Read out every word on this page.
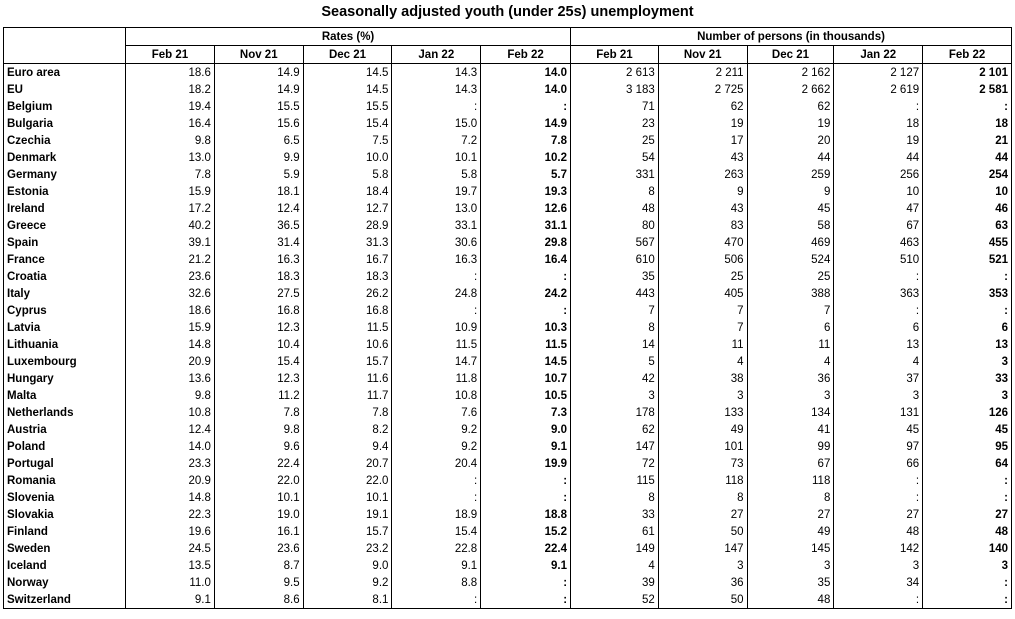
Seasonally adjusted youth (under 25s) unemployment
	Rates (%)					Number of persons (in thousands)				
	Feb 21	Nov 21	Dec 21	Jan 22	Feb 22	Feb 21	Nov 21	Dec 21	Jan 22	Feb 22
Euro area	18.6	14.9	14.5	14.3	14.0	2 613	2 211	2 162	2 127	2 101
EU	18.2	14.9	14.5	14.3	14.0	3 183	2 725	2 662	2 619	2 581
Belgium	19.4	15.5	15.5	:	:	71	62	62	:	:
Bulgaria	16.4	15.6	15.4	15.0	14.9	23	19	19	18	18
Czechia	9.8	6.5	7.5	7.2	7.8	25	17	20	19	21
Denmark	13.0	9.9	10.0	10.1	10.2	54	43	44	44	44
Germany	7.8	5.9	5.8	5.8	5.7	331	263	259	256	254
Estonia	15.9	18.1	18.4	19.7	19.3	8	9	9	10	10
Ireland	17.2	12.4	12.7	13.0	12.6	48	43	45	47	46
Greece	40.2	36.5	28.9	33.1	31.1	80	83	58	67	63
Spain	39.1	31.4	31.3	30.6	29.8	567	470	469	463	455
France	21.2	16.3	16.7	16.3	16.4	610	506	524	510	521
Croatia	23.6	18.3	18.3	:	:	35	25	25	:	:
Italy	32.6	27.5	26.2	24.8	24.2	443	405	388	363	353
Cyprus	18.6	16.8	16.8	:	:	7	7	7	:	:
Latvia	15.9	12.3	11.5	10.9	10.3	8	7	6	6	6
Lithuania	14.8	10.4	10.6	11.5	11.5	14	11	11	13	13
Luxembourg	20.9	15.4	15.7	14.7	14.5	5	4	4	4	3
Hungary	13.6	12.3	11.6	11.8	10.7	42	38	36	37	33
Malta	9.8	11.2	11.7	10.8	10.5	3	3	3	3	3
Netherlands	10.8	7.8	7.8	7.6	7.3	178	133	134	131	126
Austria	12.4	9.8	8.2	9.2	9.0	62	49	41	45	45
Poland	14.0	9.6	9.4	9.2	9.1	147	101	99	97	95
Portugal	23.3	22.4	20.7	20.4	19.9	72	73	67	66	64
Romania	20.9	22.0	22.0	:	:	115	118	118	:	:
Slovenia	14.8	10.1	10.1	:	:	8	8	8	:	:
Slovakia	22.3	19.0	19.1	18.9	18.8	33	27	27	27	27
Finland	19.6	16.1	15.7	15.4	15.2	61	50	49	48	48
Sweden	24.5	23.6	23.2	22.8	22.4	149	147	145	142	140
Iceland	13.5	8.7	9.0	9.1	9.1	4	3	3	3	3
Norway	11.0	9.5	9.2	8.8	:	39	36	35	34	:
Switzerland	9.1	8.6	8.1	:	:	52	50	48	:	:
